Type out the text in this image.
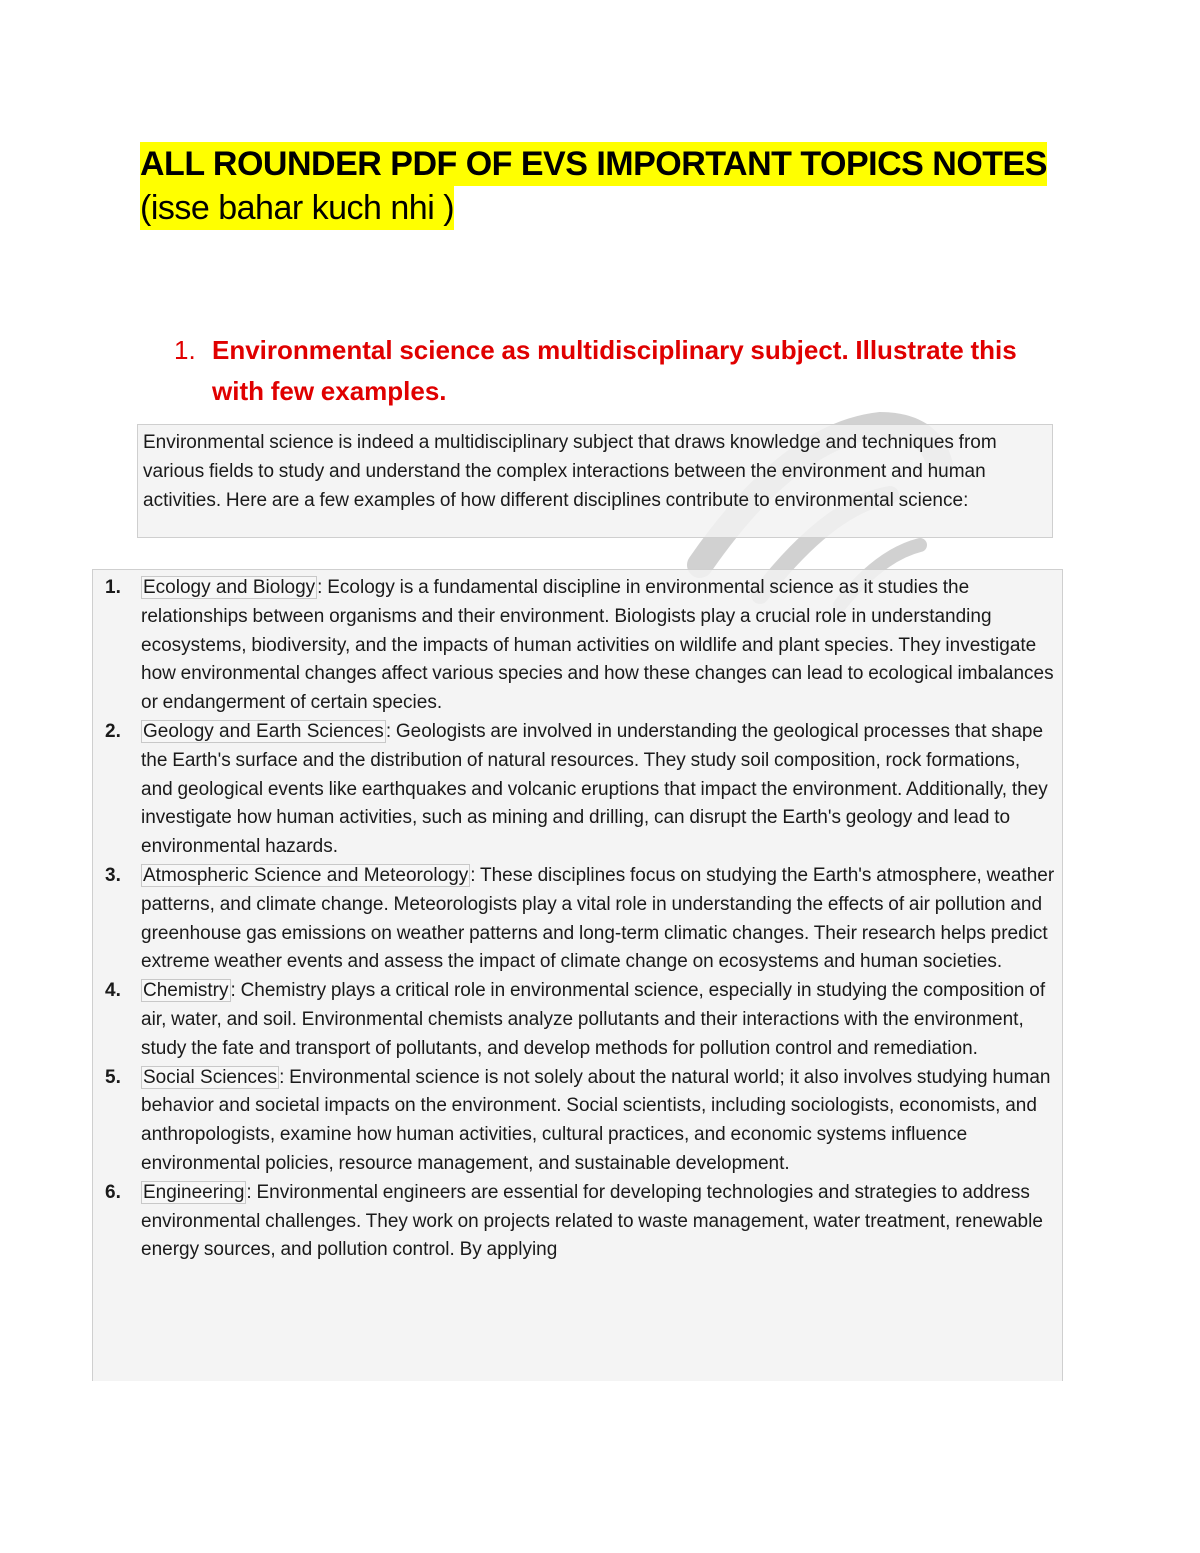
ALL ROUNDER PDF OF EVS IMPORTANT TOPICS NOTES
(isse bahar kuch nhi )
1. Environmental science as multidisciplinary subject. Illustrate this with few examples.
Environmental science is indeed a multidisciplinary subject that draws knowledge and techniques from various fields to study and understand the complex interactions between the environment and human activities. Here are a few examples of how different disciplines contribute to environmental science:
1. Ecology and Biology : Ecology is a fundamental discipline in environmental science as it studies the relationships between organisms and their environment. Biologists play a crucial role in understanding ecosystems, biodiversity, and the impacts of human activities on wildlife and plant species. They investigate how environmental changes affect various species and how these changes can lead to ecological imbalances or endangerment of certain species.
2. Geology and Earth Sciences : Geologists are involved in understanding the geological processes that shape the Earth's surface and the distribution of natural resources. They study soil composition, rock formations, and geological events like earthquakes and volcanic eruptions that impact the environment. Additionally, they investigate how human activities, such as mining and drilling, can disrupt the Earth's geology and lead to environmental hazards.
3. Atmospheric Science and Meteorology : These disciplines focus on studying the Earth's atmosphere, weather patterns, and climate change. Meteorologists play a vital role in understanding the effects of air pollution and greenhouse gas emissions on weather patterns and long-term climatic changes. Their research helps predict extreme weather events and assess the impact of climate change on ecosystems and human societies.
4. Chemistry : Chemistry plays a critical role in environmental science, especially in studying the composition of air, water, and soil. Environmental chemists analyze pollutants and their interactions with the environment, study the fate and transport of pollutants, and develop methods for pollution control and remediation.
5. Social Sciences : Environmental science is not solely about the natural world; it also involves studying human behavior and societal impacts on the environment. Social scientists, including sociologists, economists, and anthropologists, examine how human activities, cultural practices, and economic systems influence environmental policies, resource management, and sustainable development.
6. Engineering : Environmental engineers are essential for developing technologies and strategies to address environmental challenges. They work on projects related to waste management, water treatment, renewable energy sources, and pollution control. By applying
